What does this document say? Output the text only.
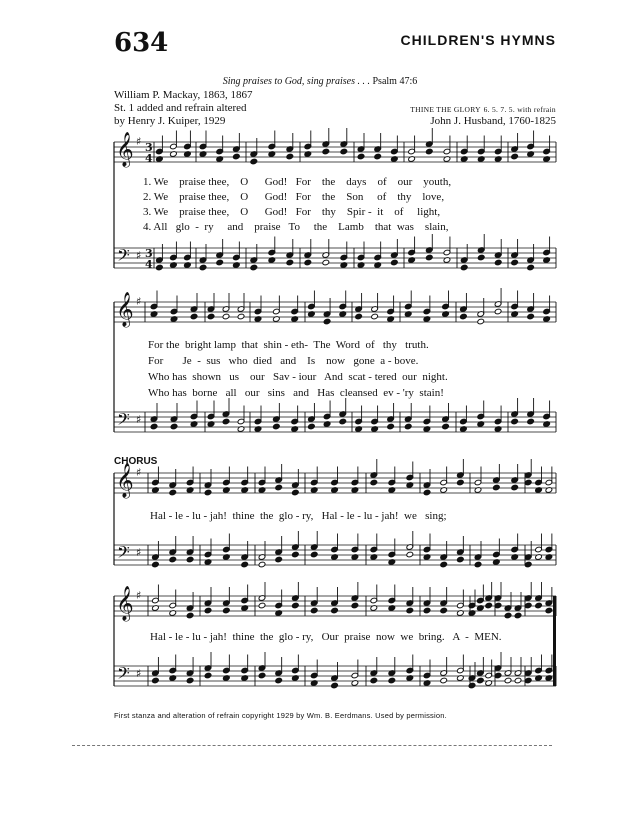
634	CHILDREN'S HYMNS
Sing praises to God, sing praises . . . Psalm 47:6
William P. Mackay, 1863, 1867
St. 1 added and refrain altered
by Henry J. Kuiper, 1929
THINE THE GLORY 6. 5. 7. 5. with refrain
John J. Husband, 1760-1825
𝄞
𝄢
♯ 3
4
♯ 3
4
𝄞
𝄢
♯
♯
𝄞
𝄢
♯
♯
𝄞
𝄢
♯
♯
1. We    praise thee,    O      God!   For    the    days    of    our    youth,
2. We    praise thee,    O      God!   For    the    Son     of    thy    love,
3. We    praise thee,    O      God!   For    thy    Spir -  it    of     light,
4. All   glo  -  ry     and    praise   To     the    Lamb    that  was    slain,
For the  bright lamp  that  shin - eth-  The  Word  of   thy   truth.
For       Je  -  sus   who  died   and    Is    now   gone  a - bove.
Who has  shown   us    our   Sav - iour   And  scat - tered  our  night.
Who has  borne   all   our   sins   and   Has  cleansed  ev - 'ry  stain!
CHORUS
Hal - le - lu - jah!  thine  the  glo - ry,   Hal - le - lu - jah!  we   sing;
Hal - le - lu - jah!  thine  the  glo - ry,   Our  praise  now  we  bring.   A  -  MEN.
First stanza and alteration of refrain copyright 1929 by Wm. B. Eerdmans. Used by permission.
